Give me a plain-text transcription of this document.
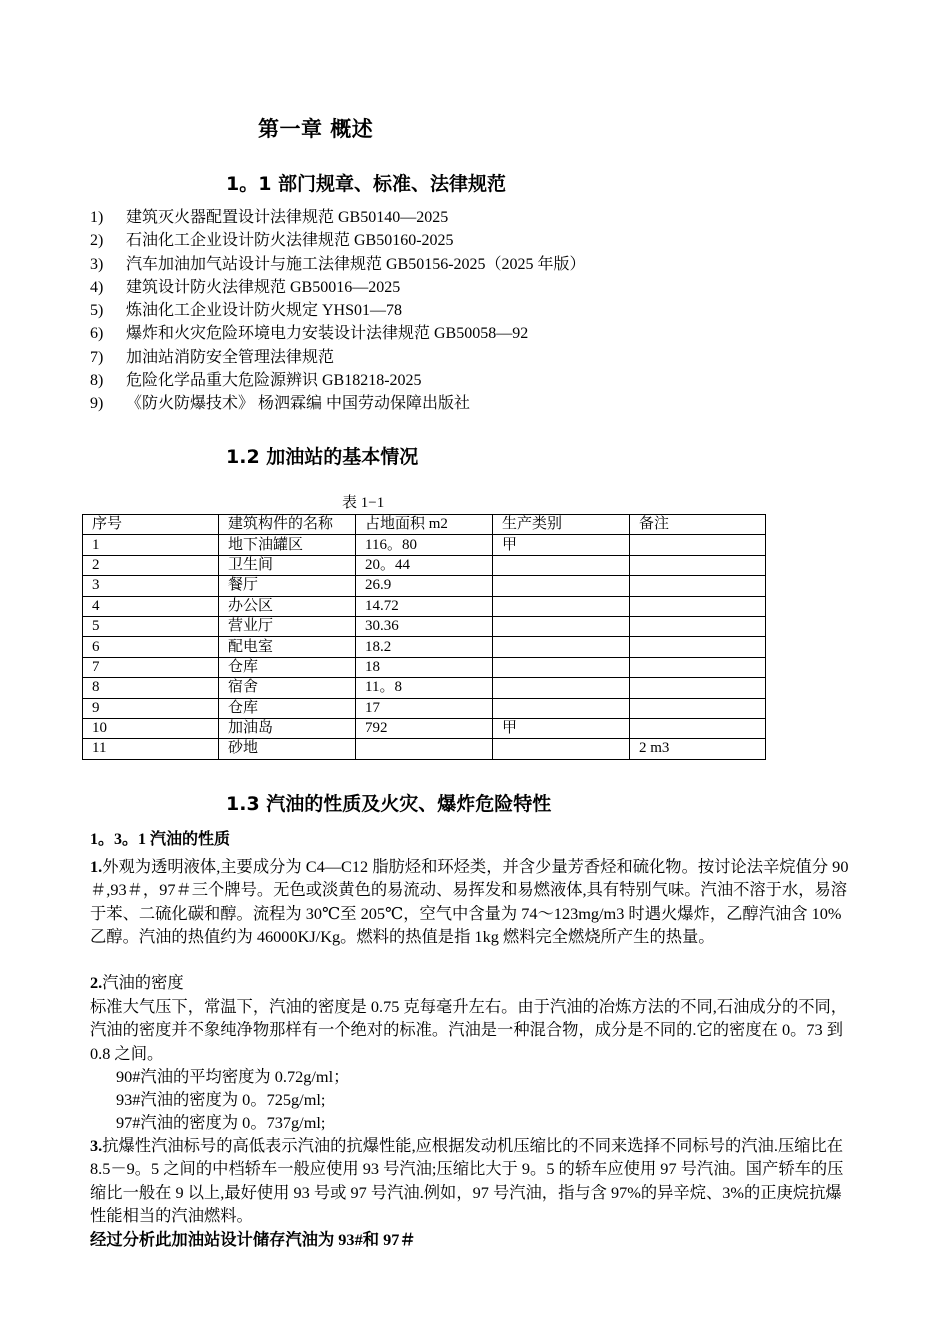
第一章 概述
1。1 部门规章、标准、法律规范
1) 建筑灭火器配置设计法律规范 GB50140—2025
2) 石油化工企业设计防火法律规范 GB50160-2025
3) 汽车加油加气站设计与施工法律规范 GB50156-2025（2025 年版）
4) 建筑设计防火法律规范 GB50016—2025
5) 炼油化工企业设计防火规定 YHS01—78
6) 爆炸和火灾危险环境电力安装设计法律规范 GB50058—92
7) 加油站消防安全管理法律规范
8) 危险化学品重大危险源辨识 GB18218-2025
9) 《防火防爆技术》 杨泗霖编 中国劳动保障出版社
1.2 加油站的基本情况
表 1−1
序号	建筑构件的名称	占地面积 m2	生产类别	备注
1	地下油罐区	116。80	甲	
2	卫生间	20。44		
3	餐厅	26.9		
4	办公区	14.72		
5	营业厅	30.36		
6	配电室	18.2		
7	仓库	18		
8	宿舍	11。8		
9	仓库	17		
10	加油岛	792	甲	
11	砂地			2 m3
1.3 汽油的性质及火灾、爆炸危险特性
1。3。1 汽油的性质

1.外观为透明液体,主要成分为 C4—C12 脂肪烃和环烃类，并含少量芳香烃和硫化物。按讨论法辛烷值分 90＃,93＃，97＃三个牌号。无色或淡黄色的易流动、易挥发和易燃液体,具有特别气味。汽油不溶于水，易溶于苯、二硫化碳和醇。流程为 30℃至 205℃，空气中含量为 74～123mg/m3 时遇火爆炸，乙醇汽油含 10%乙醇。汽油的热值约为 46000KJ/Kg。燃料的热值是指 1kg 燃料完全燃烧所产生的热量。

2.汽油的密度

标准大气压下，常温下，汽油的密度是 0.75 克每毫升左右。由于汽油的冶炼方法的不同,石油成分的不同，汽油的密度并不象纯净物那样有一个绝对的标准。汽油是一种混合物，成分是不同的.它的密度在 0。73 到 0.8 之间。

90#汽油的平均密度为 0.72g/ml；

93#汽油的密度为 0。725g/ml;

97#汽油的密度为 0。737g/ml;

3.抗爆性汽油标号的高低表示汽油的抗爆性能,应根据发动机压缩比的不同来选择不同标号的汽油.压缩比在 8.5－9。5 之间的中档轿车一般应使用 93 号汽油;压缩比大于 9。5 的轿车应使用 97 号汽油。国产轿车的压缩比一般在 9 以上,最好使用 93 号或 97 号汽油.例如，97 号汽油，指与含 97%的异辛烷、3%的正庚烷抗爆性能相当的汽油燃料。

经过分析此加油站设计储存汽油为 93#和 97＃
